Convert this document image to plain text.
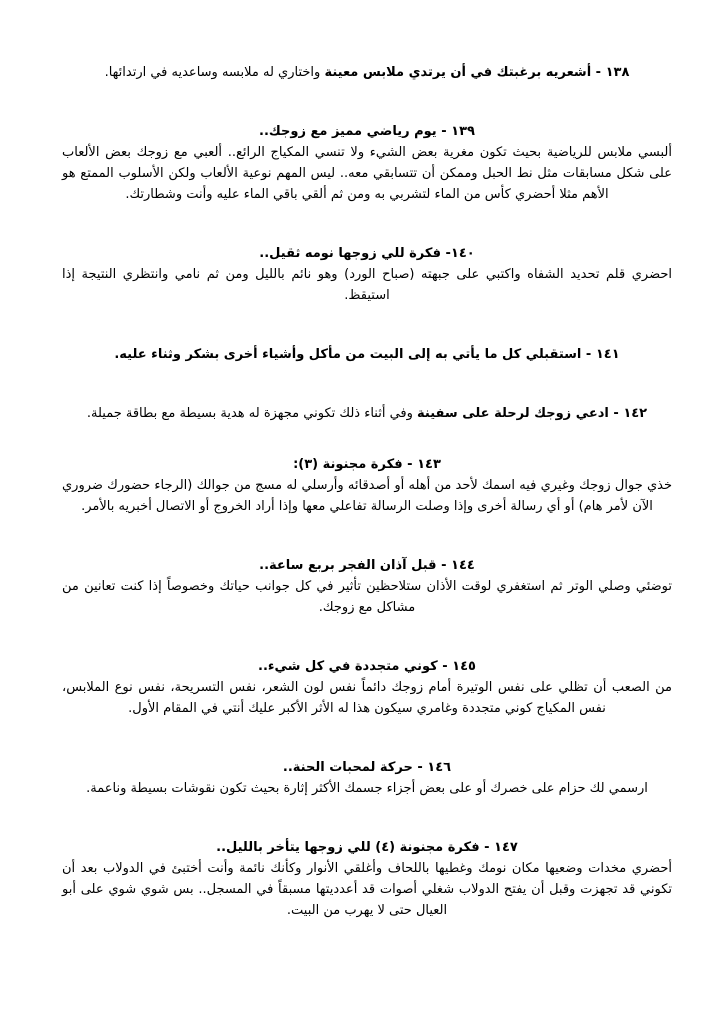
١٣٨ - أشعريه برغبتك في أن يرتدي ملابس معينة واختاري له ملابسه وساعديه في ارتدائها.

١٣٩ - يوم رياضي مميز مع زوجك..

ألبسي ملابس للرياضية بحيث تكون مغرية بعض الشيء ولا تنسي المكياج الرائع.. ألعبي مع زوجك بعض الألعاب على شكل مسابقات مثل نط الحبل وممكن أن تتسابقي معه.. ليس المهم نوعية الألعاب ولكن الأسلوب الممتع هو الأهم مثلا أحضري كأس من الماء لتشربي به ومن ثم ألقي باقي الماء عليه وأنت وشطارتك.

١٤٠- فكرة للي زوجها نومه ثقيل..

احضري قلم تحديد الشفاه واكتبي على جبهته (صباح الورد) وهو نائم بالليل ومن ثم نامي وانتظري النتيجة إذا استيقظ.

١٤١ - استقبلي كل ما يأتي به إلى البيت من مأكل وأشياء أخرى بشكر وثناء عليه.

١٤٢ - ادعي زوجك لرحلة على سفينة وفي أثناء ذلك تكوني مجهزة له هدية بسيطة مع بطاقة جميلة.

١٤٣ - فكرة مجنونة (٣):

خذي جوال زوجك وغيري فيه اسمك لأحد من أهله أو أصدقائه وأرسلي له مسج من جوالك (الرجاء حضورك ضروري الآن لأمر هام) أو أي رسالة أخرى وإذا وصلت الرسالة تفاعلي معها وإذا أراد الخروج أو الاتصال أخبريه بالأمر.

١٤٤ - قبل آذان الفجر بربع ساعة..

توضئي وصلي الوتر ثم استغفري لوقت الأذان ستلاحظين تأثير في كل جوانب حياتك وخصوصاً إذا كنت تعانين من مشاكل مع زوجك.

١٤٥ - كوني متجددة في كل شيء..

من الصعب أن تظلي على نفس الوتيرة أمام زوجك دائماً نفس لون الشعر، نفس التسريحة، نفس نوع الملابس، نفس المكياج كوني متجددة وغامري سيكون هذا له الأثر الأكبر عليك أنتي في المقام الأول.

١٤٦ - حركة لمحبات الحنة..

ارسمي لك حزام على خصرك أو على بعض أجزاء جسمك الأكثر إثارة بحيث تكون نقوشات بسيطة وناعمة.

١٤٧ - فكرة مجنونة (٤) للي زوجها يتأخر بالليل..

أحضري مخدات وضعيها مكان نومك وغطيها باللحاف وأغلقي الأنوار وكأنك نائمة وأنت أختبئ في الدولاب بعد أن تكوني قد تجهزت وقبل أن يفتح الدولاب شغلي أصوات قد أعدديتها مسبقاً في المسجل.. بس شوي شوي على أبو العيال حتى لا يهرب من البيت.
